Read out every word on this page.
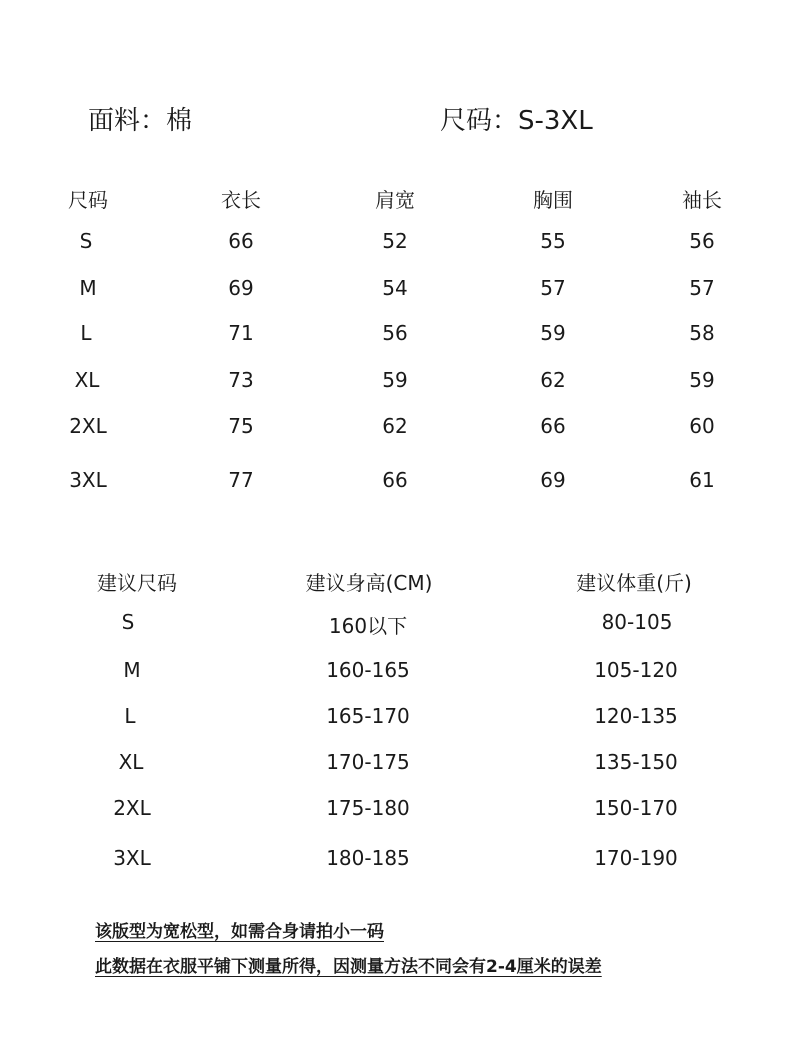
面料：棉	尺码：S-3XL
尺码	衣长	肩宽	胸围	袖长
S	66	52	55	56
M	69	54	57	57
L	71	56	59	58
XL	73	59	62	59
2XL	75	62	66	60
3XL	77	66	69	61
建议尺码	建议身高(CM)	建议体重(斤)
S	160以下	80-105
M	160-165	105-120
L	165-170	120-135
XL	170-175	135-150
2XL	175-180	150-170
3XL	180-185	170-190
该版型为宽松型，如需合身请拍小一码
此数据在衣服平铺下测量所得，因测量方法不同会有2-4厘米的误差
